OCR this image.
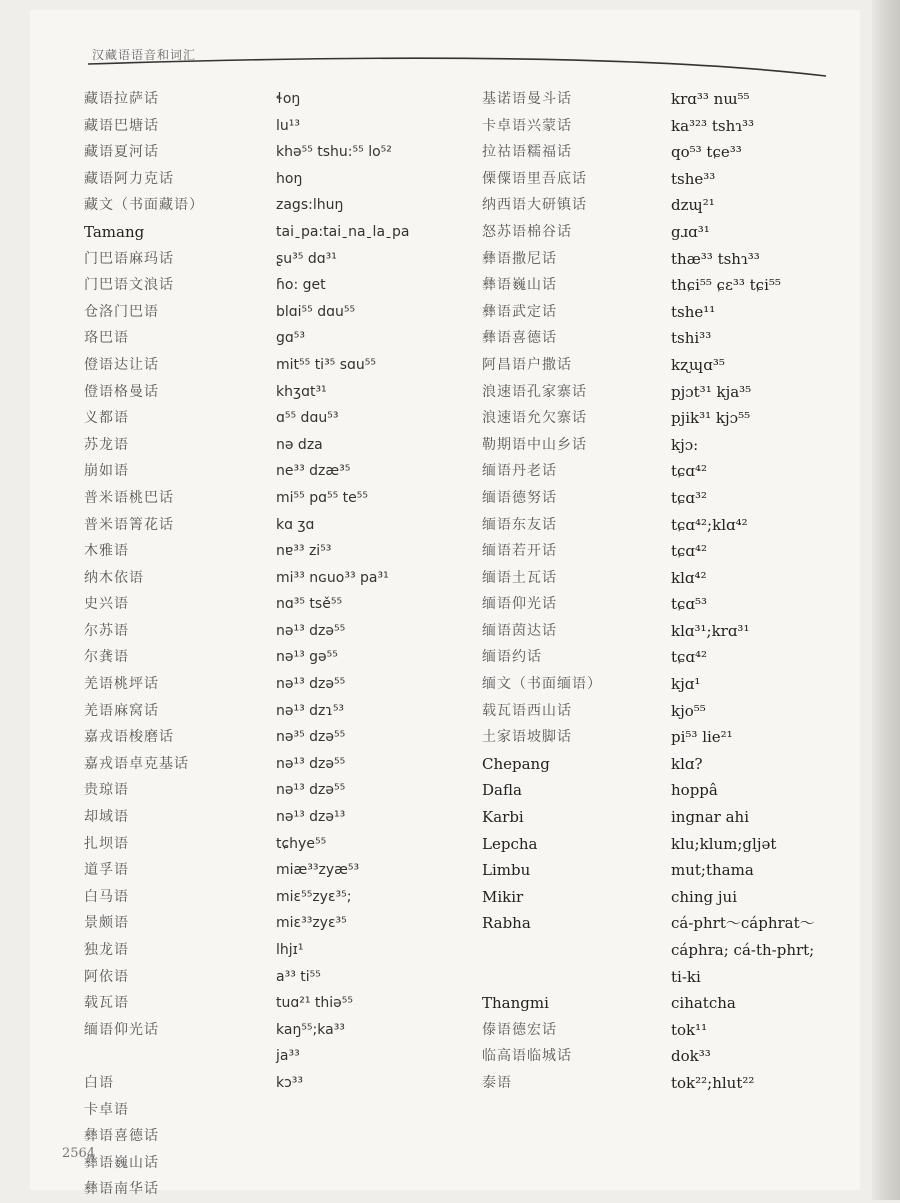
汉藏语语音和词汇
藏语拉萨话
藏语巴塘话
藏语夏河话
藏语阿力克话
藏文（书面藏语）
Tamang
门巴语麻玛话
门巴语文浪话
仓洛门巴语
珞巴语
僜语达让话
僜语格曼话
义都语
苏龙语
崩如语
普米语桃巴话
普米语箐花话
木雅语
纳木依语
史兴语
尔苏语
尔龚语
羌语桃坪话
羌语麻窝话
嘉戎语梭磨话
嘉戎语卓克基话
贵琼语
却域语
扎坝语
道孚语
白马语
景颇语
独龙语
阿依语
载瓦语
缅语仰光话
白语
卡卓语
彝语喜德话
彝语巍山话
彝语南华话
ɬoŋ
lu¹³
khə⁵⁵ tshu:⁵⁵ lo⁵²
hoŋ
zags:lhuŋ
taiˍpa:taiˍnaˍlaˍpa
ʂu³⁵ dɑ³¹
ɦo: get
blɑi⁵⁵ dɑu⁵⁵
gɑ⁵³
mit⁵⁵ ti³⁵ sɑu⁵⁵
khʒɑt³¹
ɑ⁵⁵ dɑu⁵³
nə dza
ne³³ dzæ³⁵
mi⁵⁵ pɑ⁵⁵ te⁵⁵
kɑ ʒɑ
nɐ³³ zi⁵³
mi³³ nɢuo³³ pa³¹
nɑ³⁵ tsě⁵⁵
nə¹³ dzə⁵⁵
nə¹³ gə⁵⁵
nə¹³ dzə⁵⁵
nə¹³ dzɿ⁵³
nə³⁵ dzə⁵⁵
nə¹³ dzə⁵⁵
nə¹³ dzə⁵⁵
nə¹³ dzə¹³
tɕhye⁵⁵
miæ³³zyæ⁵³
miɛ⁵⁵zyɛ³⁵;
miɛ³³zyɛ³⁵
lhjɪ¹
a³³ ti⁵⁵
tuɑ²¹ thiə⁵⁵
kaŋ⁵⁵;ka³³
ja³³
kɔ³³
基诺语曼斗话
卡卓语兴蒙话
拉祜语糯福话
傈僳语里吾底话
纳西语大研镇话
怒苏语棉谷话
彝语撒尼话
彝语巍山话
彝语武定话
彝语喜德话
阿昌语户撒话
浪速语孔家寨话
浪速语允欠寨话
勒期语中山乡话
缅语丹老话
缅语德努话
缅语东友话
缅语若开话
缅语土瓦话
缅语仰光话
缅语茵达话
缅语约话
缅文（书面缅语）
载瓦语西山话
土家语坡脚话
Chepang
Dafla
Karbi
Lepcha
Limbu
Mikir
Rabha
Thangmi
傣语德宏话
临高语临城话
泰语
krɑ³³ nɯ⁵⁵
ka³²³ tshɿ³³
qo⁵³ tɕe³³
tshe³³
dzɰ²¹
gɹɑ³¹
thæ³³ tshɿ³³
thɕi⁵⁵ ɕɛ³³ tɕi⁵⁵
tshe¹¹
tshi³³
kʐɰɑ³⁵
pjɔt³¹ kja³⁵
pjik³¹ kjɔ⁵⁵
kjɔ:
tɕɑ⁴²
tɕɑ³²
tɕɑ⁴²;klɑ⁴²
tɕɑ⁴²
klɑ⁴²
tɕɑ⁵³
klɑ³¹;krɑ³¹
tɕɑ⁴²
kjɑ¹
kjo⁵⁵
pi⁵³ lie²¹
klɑ?
hoppâ
ingnar ahi
klu;klum;gljət
mut;thama
ching jui
cá-phrt～cáphrat～
cáphra; cá-th-phrt;
ti-ki
cihatcha
tok¹¹
dok³³
tok²²;hlut²²
2564
